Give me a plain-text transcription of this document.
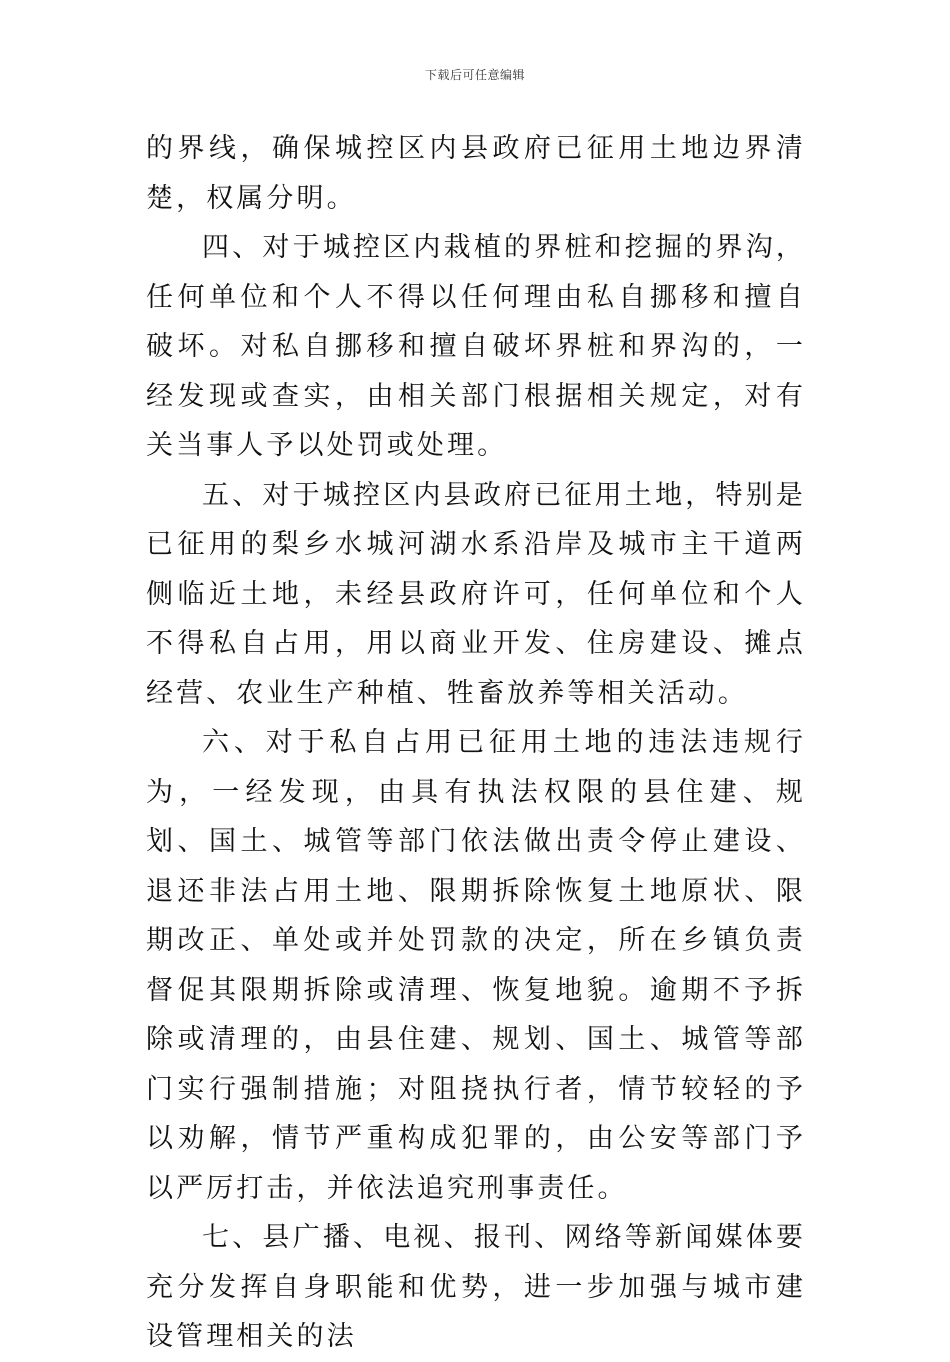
下载后可任意编辑

的界线，确保城控区内县政府已征用土地边界清楚，权属分明。

四、对于城控区内栽植的界桩和挖掘的界沟，任何单位和个人不得以任何理由私自挪移和擅自破坏。对私自挪移和擅自破坏界桩和界沟的，一经发现或查实，由相关部门根据相关规定，对有关当事人予以处罚或处理。

五、对于城控区内县政府已征用土地，特别是已征用的梨乡水城河湖水系沿岸及城市主干道两侧临近土地，未经县政府许可，任何单位和个人不得私自占用，用以商业开发、住房建设、摊点经营、农业生产种植、牲畜放养等相关活动。

六、对于私自占用已征用土地的违法违规行为，一经发现，由具有执法权限的县住建、规划、国土、城管等部门依法做出责令停止建设、退还非法占用土地、限期拆除恢复土地原状、限期改正、单处或并处罚款的决定，所在乡镇负责督促其限期拆除或清理、恢复地貌。逾期不予拆除或清理的，由县住建、规划、国土、城管等部门实行强制措施；对阻挠执行者，情节较轻的予以劝解，情节严重构成犯罪的，由公安等部门予以严厉打击，并依法追究刑事责任。

七、县广播、电视、报刊、网络等新闻媒体要充分发挥自身职能和优势，进一步加强与城市建设管理相关的法
